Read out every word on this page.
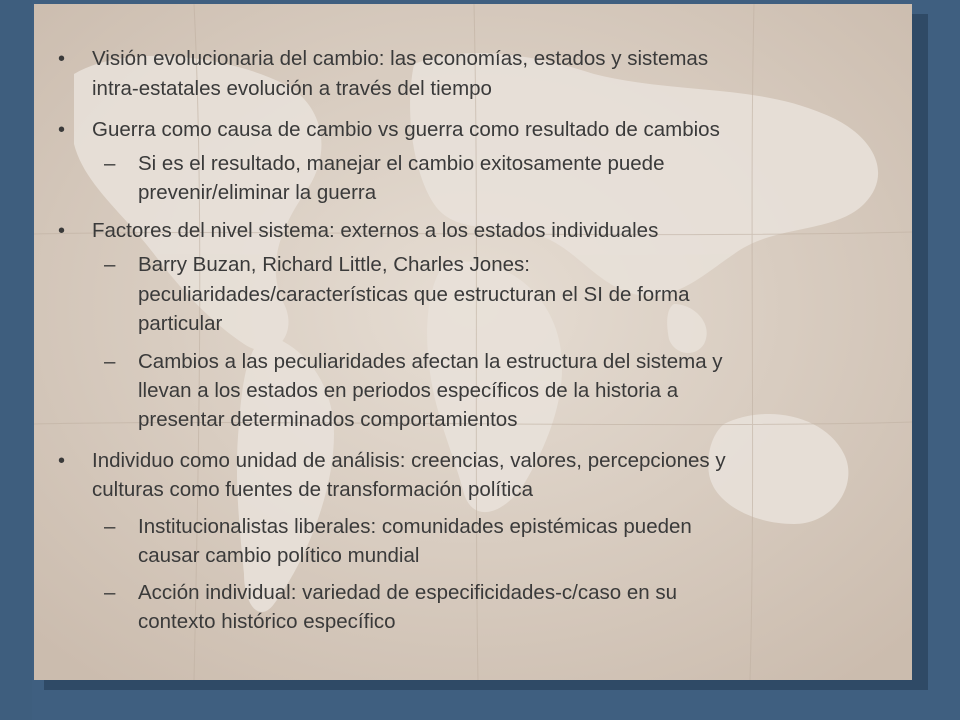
• Visión evolucionaria del cambio: las economías, estados y sistemas
intra-estatales evolución a través del tiempo
• Guerra como causa de cambio vs guerra como resultado de cambios
– Si es el resultado, manejar el cambio exitosamente puede
prevenir/eliminar la guerra
• Factores del nivel sistema: externos a los estados individuales
– Barry Buzan, Richard Little, Charles Jones:
peculiaridades/características que estructuran el SI de forma
particular
– Cambios a las peculiaridades afectan la estructura del sistema y
llevan a los estados en periodos específicos de la historia a
presentar determinados comportamientos
• Individuo como unidad de análisis: creencias, valores, percepciones y
culturas como fuentes de transformación política
– Institucionalistas liberales: comunidades epistémicas pueden
causar cambio político mundial
– Acción individual: variedad de especificidades-c/caso en su
contexto histórico específico
